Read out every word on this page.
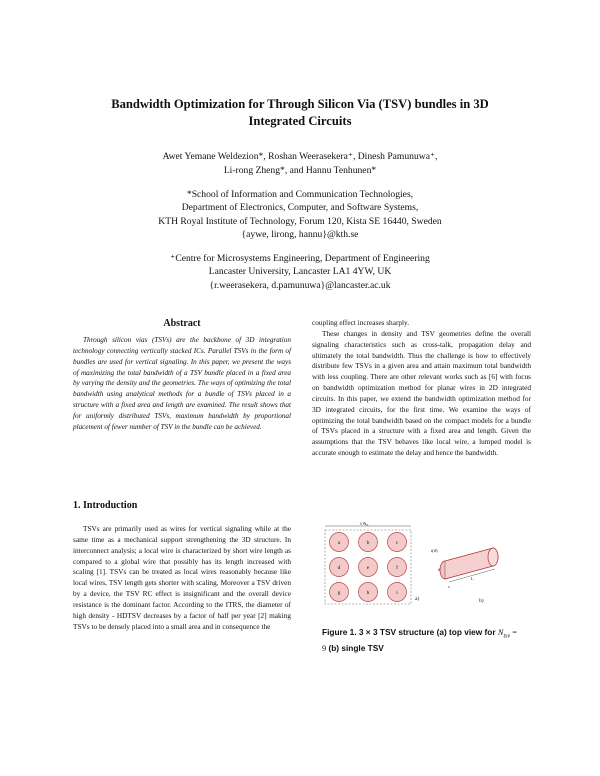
Bandwidth Optimization for Through Silicon Via (TSV) bundles in 3D
Integrated Circuits
Awet Yemane Weldezion*, Roshan Weerasekera⁺, Dinesh Pamunuwa⁺,
Li-rong Zheng*, and Hannu Tenhunen*
*School of Information and Communication Technologies,
Department of Electronics, Computer, and Software Systems,
KTH Royal Institute of Technology, Forum 120, Kista SE 16440, Sweden
{aywe, lirong, hannu}@kth.se
⁺Centre for Microsystems Engineering, Department of Engineering
Lancaster University, Lancaster LA1 4YW, UK
{r.weerasekera, d.pamunuwa}@lancaster.ac.uk
Abstract

Through silicon vias (TSVs) are the backbone of 3D integration technology connecting vertically stacked ICs. Parallel TSVs in the form of bundles are used for vertical signaling. In this paper, we present the ways of maximizing the total bandwidth of a TSV bundle placed in a fixed area by varying the density and the geometries. The ways of optimizing the total bandwidth using analytical methods for a bundle of TSVs placed in a structure with a fixed area and length are examined. The result shows that for uniformly distributed TSVs, maximum bandwidth by proportional placement of fewer number of TSV in the bundle can be achieved.

1. Introduction

TSVs are primarily used as wires for vertical signaling while at the same time as a mechanical support strengthening the 3D structure. In interconnect analysis; a local wire is characterized by short wire length as compared to a global wire that possibly has its length increased with scaling [1]. TSVs can be treated as local wires reasonably because like local wires, TSV length gets shorter with scaling. Moreover a TSV driven by a device, the TSV RC effect is insignificant and the overall device resistance is the dominant factor. According to the ITRS, the diameter of high density - HDTSV decreases by a factor of half per year [2] making TSVs to be densely placed into a small area and in consequence the

coupling effect increases sharply.

These changes in density and TSV geometries define the overall signaling characteristics such as cross-talk, propagation delay and ultimately the total bandwidth. Thus the challenge is how to effectively distribute few TSVs in a given area and attain maximum total bandwidth with less coupling. There are other relevant works such as [6] with focus on bandwidth optimization method for planar wires in 2D integrated circuits. In this paper, we extend the bandwidth optimization method for 3D integrated circuits, for the first time. We examine the ways of optimizing the total bandwidth based on the compact models for a bundle of TSVs placed in a structure with a fixed area and length. Given the assumptions that the TSV behaves like local wire, a lumped model is accurate enough to estimate the delay and hence the bandwidth.

√A₀
a	b	c
d	e	f
g	h	i
a)
t(d)
d
s
L
b)
Figure 1. 3 × 3 TSV structure (a) top view for $N_{tsv} = 9$ (b) single TSV
